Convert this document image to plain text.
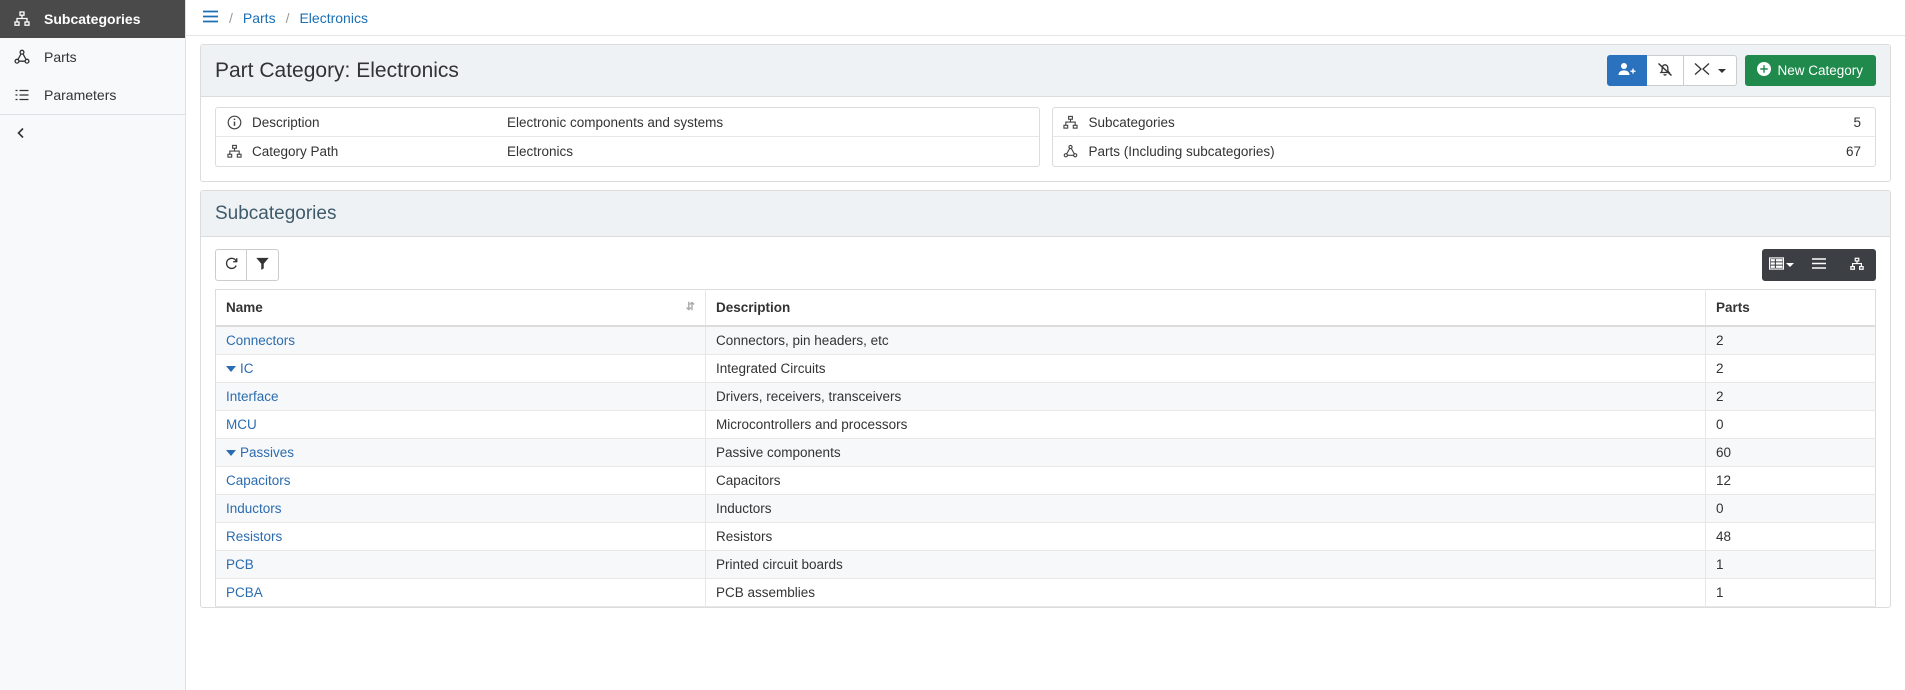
Subcategories
Parts
Parameters
/ Parts / Electronics
Part Category: Electronics	New Category
Description	Electronic components and systems
Category Path	Electronics
Subcategories	5
Parts (Including subcategories)	67
Subcategories
Name ⇵	Description	Parts
Connectors	Connectors, pin headers, etc	2
IC	Integrated Circuits	2
Interface	Drivers, receivers, transceivers	2
MCU	Microcontrollers and processors	0
Passives	Passive components	60
Capacitors	Capacitors	12
Inductors	Inductors	0
Resistors	Resistors	48
PCB	Printed circuit boards	1
PCBA	PCB assemblies	1
